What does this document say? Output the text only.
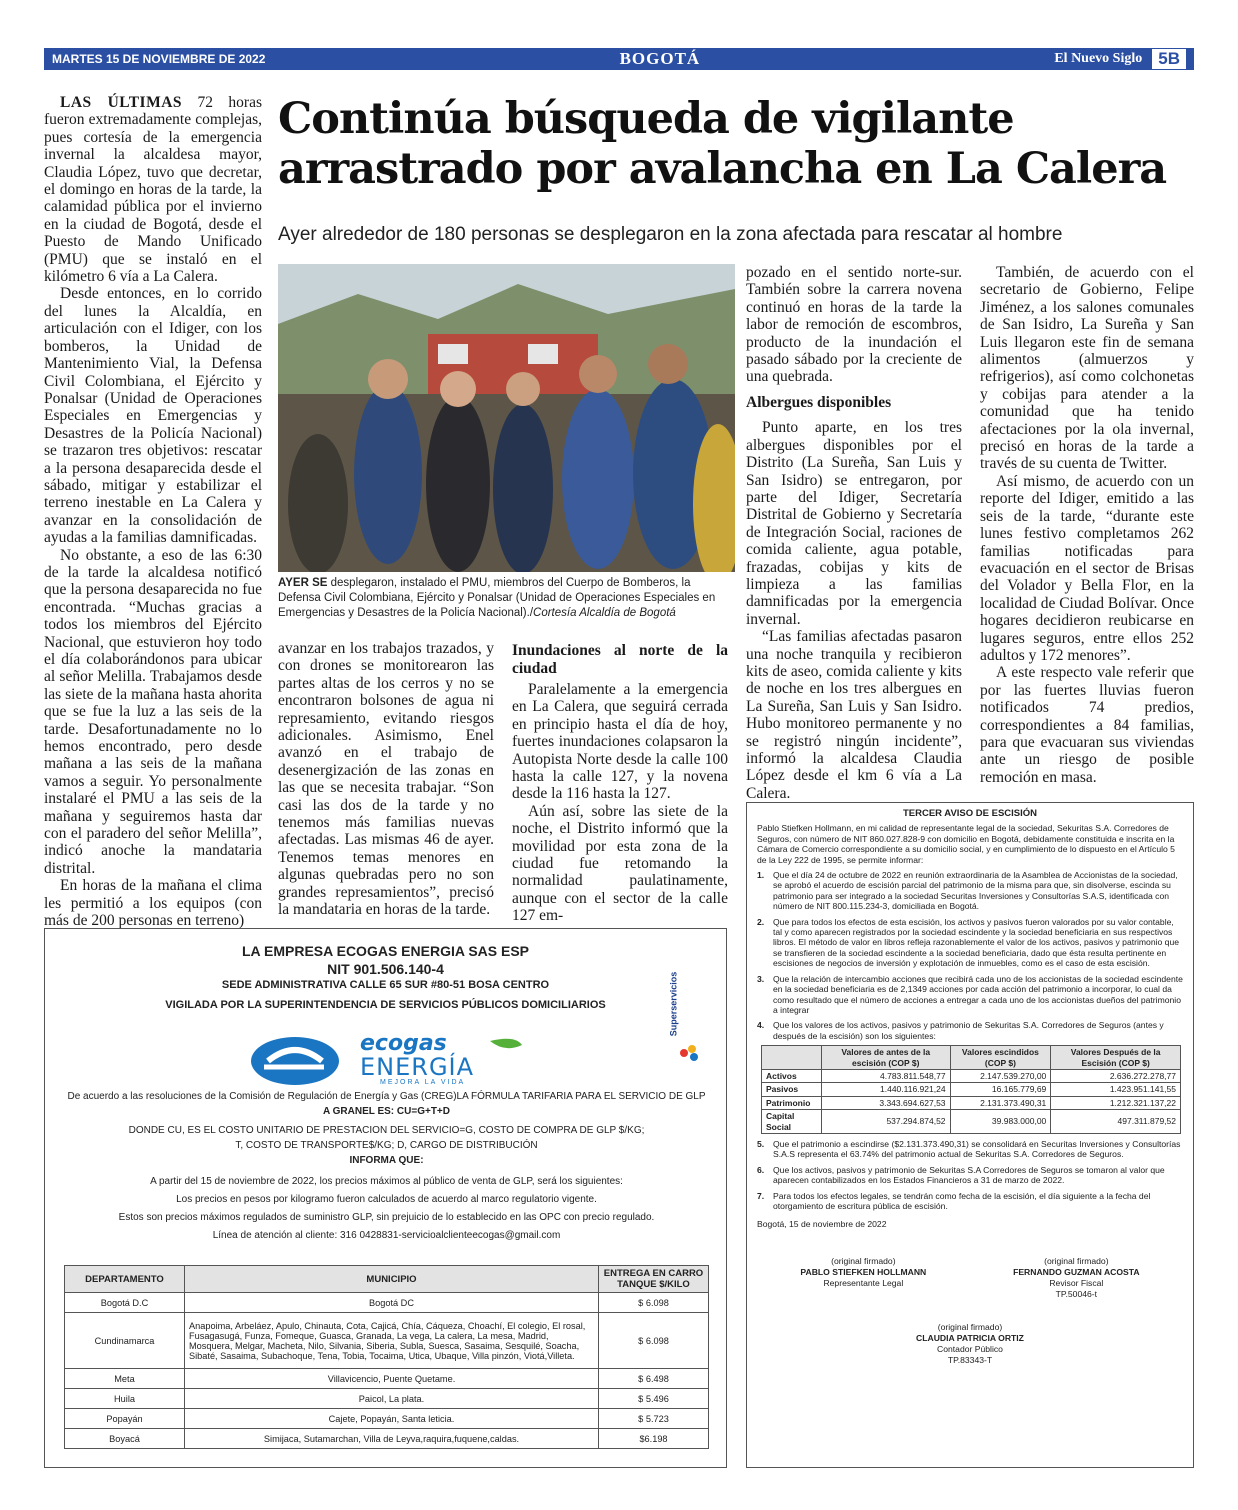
MARTES 15 DE NOVIEMBRE DE 2022	BOGOTÁ	El Nuevo Siglo 5B

LAS ÚLTIMAS 72 horas fueron extremadamente complejas, pues cortesía de la emergencia invernal la alcaldesa mayor, Claudia López, tuvo que decretar, el domingo en horas de la tarde, la calamidad pública por el invierno en la ciudad de Bogotá, desde el Puesto de Mando Unificado (PMU) que se instaló en el kilómetro 6 vía a La Calera.

Desde entonces, en lo corrido del lunes la Alcaldía, en articulación con el Idiger, con los bomberos, la Unidad de Mantenimiento Vial, la Defensa Civil Colombiana, el Ejército y Ponalsar (Unidad de Operaciones Especiales en Emergencias y Desastres de la Policía Nacional) se trazaron tres objetivos: rescatar a la persona desaparecida desde el sábado, mitigar y estabilizar el terreno inestable en La Calera y avanzar en la consolidación de ayudas a la familias damnificadas.

No obstante, a eso de las 6:30 de la tarde la alcaldesa notificó que la persona desaparecida no fue encontrada. “Muchas gracias a todos los miembros del Ejército Nacional, que estuvieron hoy todo el día colaborándonos para ubicar al señor Melilla. Trabajamos desde las siete de la mañana hasta ahorita que se fue la luz a las seis de la tarde. Desafortunadamente no lo hemos encontrado, pero desde mañana a las seis de la mañana vamos a seguir. Yo personalmente instalaré el PMU a las seis de la mañana y seguiremos hasta dar con el paradero del señor Melilla”, indicó anoche la mandataria distrital.

En horas de la mañana el clima les permitió a los equipos (con más de 200 personas en terreno)

Continúa búsqueda de vigilante arrastrado por avalancha en La Calera
Ayer alrededor de 180 personas se desplegaron en la zona afectada para rescatar al hombre
AYER SE desplegaron, instalado el PMU, miembros del Cuerpo de Bomberos, la Defensa Civil Colombiana, Ejército y Ponalsar (Unidad de Operaciones Especiales en Emergencias y Desastres de la Policía Nacional)./Cortesía Alcaldía de Bogotá

avanzar en los trabajos trazados, y con drones se monitorearon las partes altas de los cerros y no se encontraron bolsones de agua ni represamiento, evitando riesgos adicionales. Asimismo, Enel avanzó en el trabajo de desenergización de las zonas en las que se necesita trabajar. “Son casi las dos de la tarde y no tenemos más familias nuevas afectadas. Las mismas 46 de ayer. Tenemos temas menores en algunas quebradas pero no son grandes represamientos”, precisó la mandataria en horas de la tarde.

Inundaciones al norte de la ciudad

Paralelamente a la emergencia en La Calera, que seguirá cerrada en principio hasta el día de hoy, fuertes inundaciones colapsaron la Autopista Norte desde la calle 100 hasta la calle 127, y la novena desde la 116 hasta la 127.

Aún así, sobre las siete de la noche, el Distrito informó que la movilidad por esta zona de la ciudad fue retomando la normalidad paulatinamente, aunque con el sector de la calle 127 em-

pozado en el sentido norte-sur. También sobre la carrera novena continuó en horas de la tarde la labor de remoción de escombros, producto de la inundación el pasado sábado por la creciente de una quebrada.

Albergues disponibles

Punto aparte, en los tres albergues disponibles por el Distrito (La Sureña, San Luis y San Isidro) se entregaron, por parte del Idiger, Secretaría Distrital de Gobierno y Secretaría de Integración Social, raciones de comida caliente, agua potable, frazadas, cobijas y kits de limpieza a las familias damnificadas por la emergencia invernal.

“Las familias afectadas pasaron una noche tranquila y recibieron kits de aseo, comida caliente y kits de noche en los tres albergues en La Sureña, San Luis y San Isidro. Hubo monitoreo permanente y no se registró ningún incidente”, informó la alcaldesa Claudia López desde el km 6 vía a La Calera.

También, de acuerdo con el secretario de Gobierno, Felipe Jiménez, a los salones comunales de San Isidro, La Sureña y San Luis llegaron este fin de semana alimentos (almuerzos y refrigerios), así como colchonetas y cobijas para atender a la comunidad que ha tenido afectaciones por la ola invernal, precisó en horas de la tarde a través de su cuenta de Twitter.

Así mismo, de acuerdo con un reporte del Idiger, emitido a las seis de la tarde, “durante este lunes festivo completamos 262 familias notificadas para evacuación en el sector de Brisas del Volador y Bella Flor, en la localidad de Ciudad Bolívar. Once hogares decidieron reubicarse en lugares seguros, entre ellos 252 adultos y 172 menores”.

A este respecto vale referir que por las fuertes lluvias fueron notificados 74 predios, correspondientes a 84 familias, para que evacuaran sus viviendas ante un riesgo de posible remoción en masa.

LA EMPRESA ECOGAS ENERGIA SAS ESP
NIT 901.506.140-4
SEDE ADMINISTRATIVA CALLE 65 SUR #80-51 BOSA CENTRO
VIGILADA POR LA SUPERINTENDENCIA DE SERVICIOS PÚBLICOS DOMICILIARIOS
ecogas
ENERGÍA
MEJORA LA VIDA
Superservicios
De acuerdo a las resoluciones de la Comisión de Regulación de Energía y Gas (CREG)LA FÓRMULA TARIFARIA PARA EL SERVICIO DE GLP
A GRANEL ES: CU=G+T+D
DONDE CU, ES EL COSTO UNITARIO DE PRESTACION DEL SERVICIO=G, COSTO DE COMPRA DE GLP $/KG;
T, COSTO DE TRANSPORTE$/KG; D, CARGO DE DISTRIBUCIÓN
INFORMA QUE:
A partir del 15 de noviembre de 2022, los precios máximos al público de venta de GLP, será los siguientes:
Los precios en pesos por kilogramo fueron calculados de acuerdo al marco regulatorio vigente.
Estos son precios máximos regulados de suministro GLP, sin prejuicio de lo establecido en las OPC con precio regulado.
Línea de atención al cliente: 316 0428831-servicioalclienteecogas@gmail.com
DEPARTAMENTO	MUNICIPIO	ENTREGA EN CARRO TANQUE $/KILO
Bogotá D.C	Bogotá DC	$ 6.098
Cundinamarca	Anapoima, Arbeláez, Apulo, Chinauta, Cota, Cajicá, Chía, Cáqueza, Choachí, El colegio, El rosal, Fusagasugá, Funza, Fomeque, Guasca, Granada, La vega, La calera, La mesa, Madrid, Mosquera, Melgar, Macheta, Nilo, Silvania, Siberia, Subla, Suesca, Sasaima, Sesquilé, Soacha, Sibaté, Sasaima, Subachoque, Tena, Tobia, Tocaima, Utica, Ubaque, Villa pinzón, Viotá,Villeta.	$ 6.098
Meta	Villavicencio, Puente Quetame.	$ 6.498
Huila	Paicol, La plata.	$ 5.496
Popayán	Cajete, Popayán, Santa leticia.	$ 5.723
Boyacá	Simijaca, Sutamarchan, Villa de Leyva,raquira,fuquene,caldas.	$6.198
TERCER AVISO DE ESCISIÓN
Pablo Stiefken Hollmann, en mi calidad de representante legal de la sociedad, Sekuritas S.A. Corredores de Seguros, con número de NIT 860.027.828-9 con domicilio en Bogotá, debidamente constituida e inscrita en la Cámara de Comercio correspondiente a su domicilio social, y en cumplimiento de lo dispuesto en el Artículo 5 de la Ley 222 de 1995, se permite informar:
1.	Que el día 24 de octubre de 2022 en reunión extraordinaria de la Asamblea de Accionistas de la sociedad, se aprobó el acuerdo de escisión parcial del patrimonio de la misma para que, sin disolverse, escinda su patrimonio para ser integrado a la sociedad Securitas Inversiones y Consultorías S.A.S, identificada con número de NIT 800.115.234-3, domiciliada en Bogotá.
2.	Que para todos los efectos de esta escisión, los activos y pasivos fueron valorados por su valor contable, tal y como aparecen registrados por la sociedad escindente y la sociedad beneficiaria en sus respectivos libros. El método de valor en libros refleja razonablemente el valor de los activos, pasivos y patrimonio que se transfieren de la sociedad escindente a la sociedad beneficiaria, dado que ésta resulta pertinente en escisiones de negocios de inversión y explotación de inmuebles, como es el caso de esta escisión.
3.	Que la relación de intercambio acciones que recibirá cada uno de los accionistas de la sociedad escindente en la sociedad beneficiaria es de 2,1349 acciones por cada acción del patrimonio a incorporar, lo cual da como resultado que el número de acciones a entregar a cada uno de los accionistas dueños del patrimonio a integrar
4.	Que los valores de los activos, pasivos y patrimonio de Sekuritas S.A. Corredores de Seguros (antes y después de la escisión) son los siguientes:
	Valores de antes de la escisión (COP $)	Valores escindidos (COP $)	Valores Después de la Escisión (COP $)
Activos	4.783.811.548,77	2.147.539.270,00	2.636.272.278,77
Pasivos	1.440.116.921,24	16.165.779,69	1.423.951.141,55
Patrimonio	3.343.694.627,53	2.131.373.490,31	1.212.321.137,22
Capital Social	537.294.874,52	39.983.000,00	497.311.879,52
5.	Que el patrimonio a escindirse ($2.131.373.490,31) se consolidará en Securitas Inversiones y Consultorías S.A.S representa el 63.74% del patrimonio actual de Sekuritas S.A. Corredores de Seguros.
6.	Que los activos, pasivos y patrimonio de Sekuritas S.A Corredores de Seguros se tomaron al valor que aparecen contabilizados en los Estados Financieros a 31 de marzo de 2022.
7.	Para todos los efectos legales, se tendrán como fecha de la escisión, el día siguiente a la fecha del otorgamiento de escritura pública de escisión.
Bogotá, 15 de noviembre de 2022
(original firmado)
PABLO STIEFKEN HOLLMANN
Representante Legal
(original firmado)
FERNANDO GUZMAN ACOSTA
Revisor Fiscal
TP.50046-t
(original firmado)
CLAUDIA PATRICIA ORTIZ
Contador Público
TP.83343-T
